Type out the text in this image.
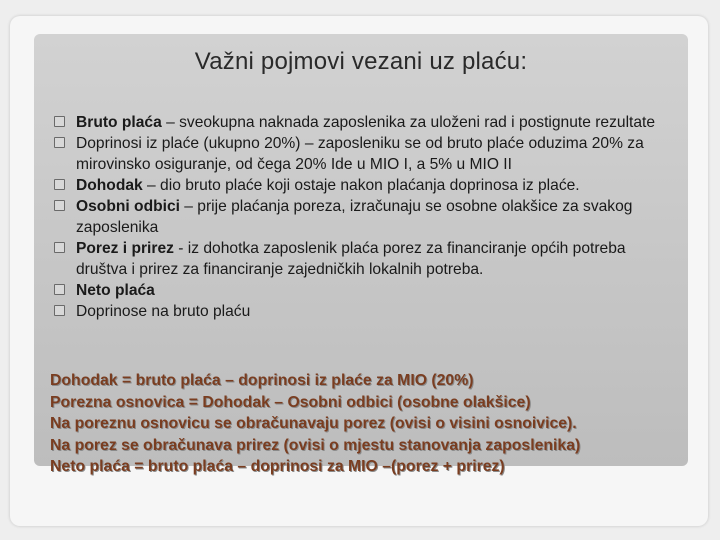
Važni pojmovi vezani uz plaću:
Bruto plaća – sveokupna naknada zaposlenika za uloženi rad i postignute rezultate
Doprinosi iz plaće (ukupno 20%) – zaposleniku se od bruto plaće oduzima 20% za mirovinsko osiguranje, od čega 20% Ide u MIO I, a 5% u MIO II
Dohodak – dio bruto plaće koji ostaje nakon plaćanja doprinosa iz plaće.
Osobni odbici – prije plaćanja poreza, izračunaju se osobne olakšice za svakog zaposlenika
Porez i prirez - iz dohotka zaposlenik plaća porez za financiranje općih potreba društva i prirez za financiranje zajedničkih lokalnih potreba.
Neto plaća
Doprinose na bruto plaću
Dohodak = bruto plaća – doprinosi iz plaće za MIO (20%)
Porezna osnovica = Dohodak – Osobni odbici (osobne olakšice)
Na poreznu osnovicu se obračunavaju porez (ovisi o visini osnoivice).
Na porez se obračunava prirez (ovisi o mjestu stanovanja zaposlenika)
Neto plaća = bruto plaća – doprinosi za MIO –(porez + prirez)
